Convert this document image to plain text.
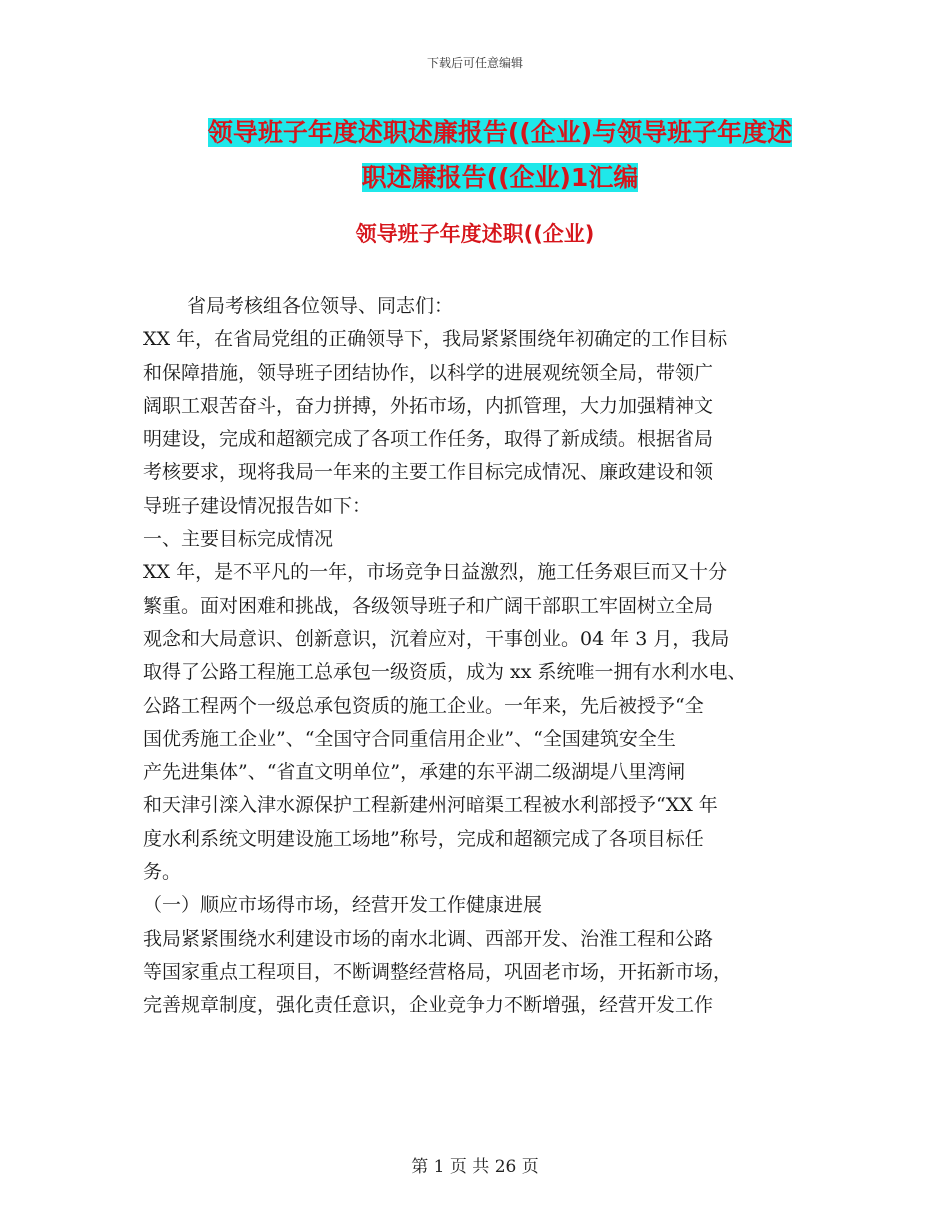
下载后可任意编辑
领导班子年度述职述廉报告((企业)与领导班子年度述
职述廉报告((企业)1汇编
领导班子年度述职((企业)
省局考核组各位领导、同志们：
XX 年，在省局党组的正确领导下，我局紧紧围绕年初确定的工作目标
和保障措施，领导班子团结协作，以科学的进展观统领全局，带领广
阔职工艰苦奋斗，奋力拼搏，外拓市场，内抓管理，大力加强精神文
明建设，完成和超额完成了各项工作任务，取得了新成绩。根据省局
考核要求，现将我局一年来的主要工作目标完成情况、廉政建设和领
导班子建设情况报告如下：
一、主要目标完成情况
XX 年，是不平凡的一年，市场竞争日益激烈，施工任务艰巨而又十分
繁重。面对困难和挑战，各级领导班子和广阔干部职工牢固树立全局
观念和大局意识、创新意识，沉着应对，干事创业。04 年 3 月，我局
取得了公路工程施工总承包一级资质，成为 xx 系统唯一拥有水利水电、
公路工程两个一级总承包资质的施工企业。一年来，先后被授予“全
国优秀施工企业”、“全国守合同重信用企业”、“全国建筑安全生
产先进集体”、“省直文明单位”，承建的东平湖二级湖堤八里湾闸
和天津引滦入津水源保护工程新建州河暗渠工程被水利部授予“XX 年
度水利系统文明建设施工场地”称号，完成和超额完成了各项目标任
务。
（一）顺应市场得市场，经营开发工作健康进展
我局紧紧围绕水利建设市场的南水北调、西部开发、治淮工程和公路
等国家重点工程项目，不断调整经营格局，巩固老市场，开拓新市场，
完善规章制度，强化责任意识，企业竞争力不断增强，经营开发工作
第 1 页 共 26 页
